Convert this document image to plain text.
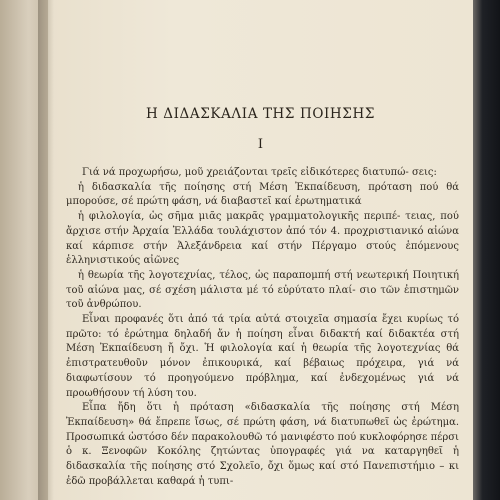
Η ΔΙΔΑΣΚΑΛΙΑ ΤΗΣ ΠΟΙΗΣΗΣ
I

Γιά νά προχωρήσω, μοῦ χρειάζονται τρεῖς εἰδικότερες διατυπώ- σεις:

ἡ διδασκαλία τῆς ποίησης στή Μέση Ἐκπαίδευση, πρόταση πού θά μπορούσε, σέ πρώτη φάση, νά διαβαστεῖ καί ἐρωτηματικά

ἡ φιλολογία, ὡς σῆμα μιᾶς μακρᾶς γραμματολογικῆς περιπέ- τειας, πού ἄρχισε στήν Ἀρχαία Ἑλλάδα τουλάχιστον ἀπό τόν 4. προχριστιανικό αἰώνα καί κάρπισε στήν Ἀλεξάνδρεια καί στήν Πέργαμο στούς ἑπόμενους ἑλληνιστικούς αἰῶνες

ἡ θεωρία τῆς λογοτεχνίας, τέλος, ὡς παραπομπή στή νεωτερική Ποιητική τοῦ αἰώνα μας, σέ σχέση μάλιστα μέ τό εὐρύτατο πλαί- σιο τῶν ἐπιστημῶν τοῦ ἀνθρώπου.

Εἶναι προφανές ὅτι ἀπό τά τρία αὐτά στοιχεῖα σημασία ἔχει κυρίως τό πρῶτο: τό ἐρώτημα δηλαδή ἄν ἡ ποίηση εἶναι διδακτή καί διδακτέα στή Μέση Ἐκπαίδευση ἤ ὄχι. Ἡ φιλολογία καί ἡ θεωρία τῆς λογοτεχνίας θά ἐπιστρατευθοῦν μόνον ἐπικουρικά, καί βέβαιως πρόχειρα, γιά νά διαφωτίσουν τό προηγούμενο πρόβλημα, καί ἐνδεχομένως γιά νά προωθήσουν τή λύση του.

Εἶπα ἤδη ὅτι ἡ πρόταση «διδασκαλία τῆς ποίησης στή Μέση Ἐκπαίδευση» θά ἔπρεπε ἴσως, σέ πρώτη φάση, νά διατυπωθεῖ ὡς ἐρώτημα. Προσωπικά ὡστόσο δέν παρακολουθῶ τό μανιφέστο πού κυκλοφόρησε πέρσι ὁ κ. Ξενοφῶν Κοκόλης ζητώντας ὑπογραφές γιά να καταργηθεῖ ἡ διδασκαλία τῆς ποίησης στό Σχολεῖο, ὄχι ὅμως καί στό Πανεπιστήμιο – κι ἐδῶ προβάλλεται καθαρά ἡ τυπι-
